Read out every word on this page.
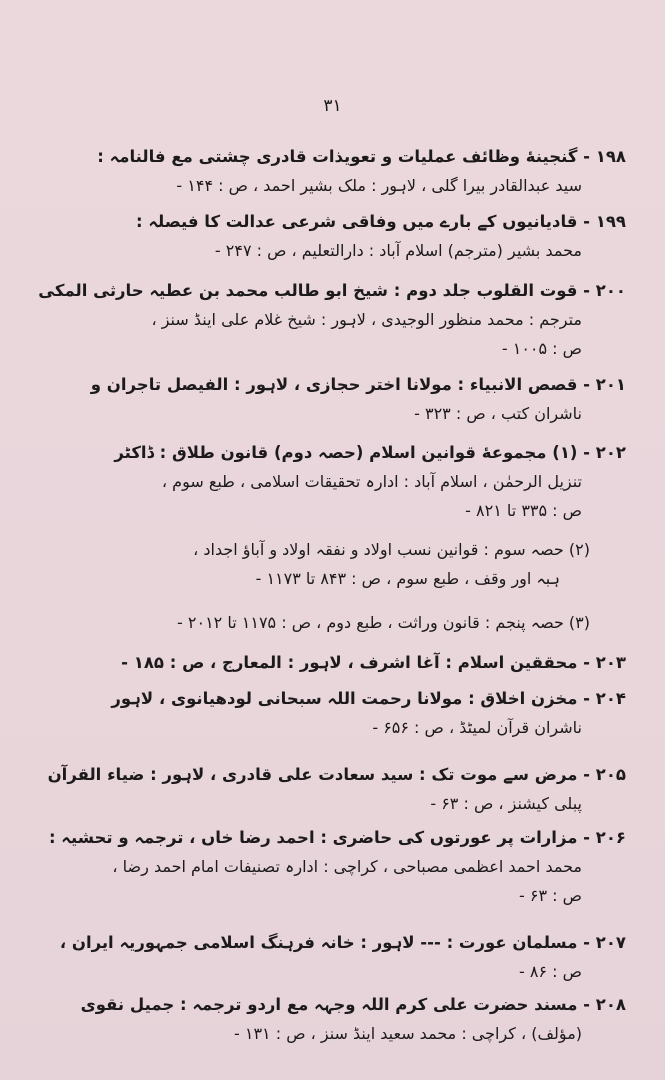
۳۱
۱۹۸ - گنجینهٔ وظائف عملیات و تعویذات قادری چشتی مع فالنامہ :
سید عبدالقادر بیرا گلی ، لاہور : ملک بشیر احمد ، ص : ۱۴۴ -
۱۹۹ - قادیانیوں کے بارے میں وفاقی شرعی عدالت کا فیصلہ :
محمد بشیر (مترجم) اسلام آباد : دارالتعلیم ، ص : ۲۴۷ -
۲۰۰ - قوت القلوب جلد دوم : شیخ ابو طالب محمد بن عطیہ حارثی المکی
مترجم : محمد منظور الوجیدی ، لاہور : شیخ غلام علی اینڈ سنز ،
ص : ۱۰۰۵ -
۲۰۱ - قصص الانبیاء : مولانا اختر حجازی ، لاہور : الفیصل تاجران و
ناشران کتب ، ص : ۳۲۳ -
۲۰۲ - (۱) مجموعهٔ قوانین اسلام (حصہ دوم) قانون طلاق : ڈاکٹر
تنزیل الرحمٰن ، اسلام آباد : ادارہ تحقیقات اسلامی ، طبع سوم ،
ص : ۳۳۵ تا ۸۲۱ -
(۲) حصہ سوم : قوانین نسب اولاد و نفقہ اولاد و آباؤ اجداد ،
ہبہ اور وقف ، طبع سوم ، ص : ۸۴۳ تا ۱۱۷۳ -
(۳) حصہ پنجم : قانون وراثت ، طبع دوم ، ص : ۱۱۷۵ تا ۲۰۱۲ -
۲۰۳ - محققین اسلام : آغا اشرف ، لاہور : المعارج ، ص : ۱۸۵ -
۲۰۴ - مخزن اخلاق : مولانا رحمت اللہ سبحانی لودھیانوی ، لاہور
ناشران قرآن لمیٹڈ ، ص : ۶۵۶ -
۲۰۵ - مرض سے موت تک : سید سعادت علی قادری ، لاہور : ضیاء القرآن
پبلی کیشنز ، ص : ۶۳ -
۲۰۶ - مزارات پر عورتوں کی حاضری : احمد رضا خاں ، ترجمہ و تحشیہ :
محمد احمد اعظمی مصباحی ، کراچی : ادارہ تصنیفات امام احمد رضا ،
ص : ۶۳ -
۲۰۷ - مسلمان عورت : --- لاہور : خانہ فرہنگ اسلامی جمہوریہ ایران ،
ص : ۸۶ -
۲۰۸ - مسند حضرت علی کرم اللہ وجہہ مع اردو ترجمہ : جمیل نقوی
(مؤلف) ، کراچی : محمد سعید اینڈ سنز ، ص : ۱۳۱ -
